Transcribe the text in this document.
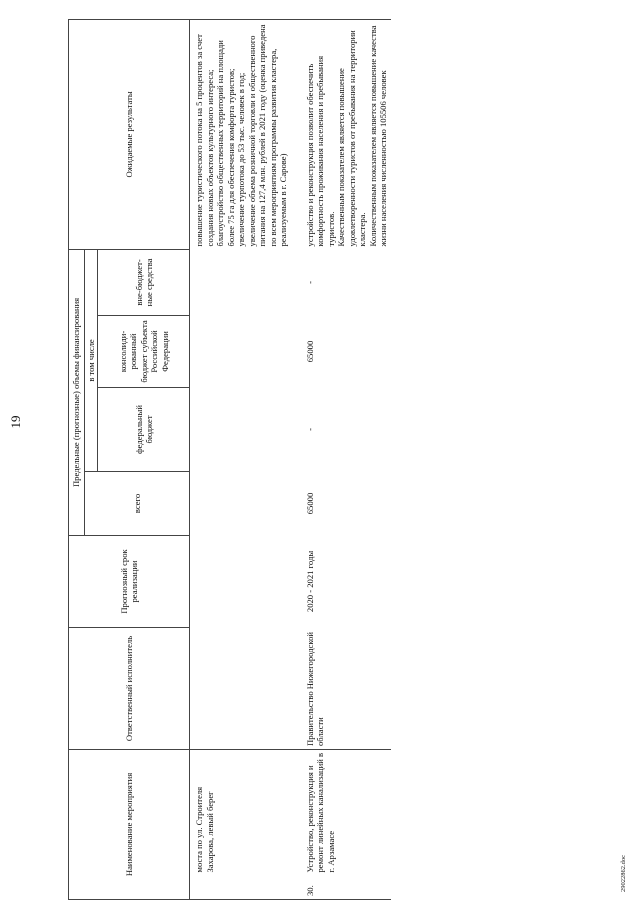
19
Наименование мероприятия		Ответственный исполнитель	Прогнозный срок реализации	Предельные (прогнозные) объемы финансирования				Ожидаемые результаты
				всего	в том числе			
					федеральный бюджет	консолиди-рованный бюджет субъекта Российской Федерации	вне-бюджет-ные средства	
	моста по ул. Строителя Захарова, левый берег							повышение туристического потока на 5 процентов за счет создания новых объектов культурного интереса;
благоустройство общественных территорий на площади более 75 га для обеспечения комфорта туристов;
увеличение турпотока до 53 тыс. человек в год;
увеличение объема розничной торговли и общественного питания на 127,4 млн. рублей в 2021 году (оценка приведена по всем мероприятиям программы развития кластера, реализуемым в г. Сарове)
30.	Устройство, реконструкция и ремонт линейных канализаций в г. Арзамасе	Правительство Нижегородской области	2020 - 2021 годы	65000	-	65000	-	устройство и реконструкция позволит обеспечить комфортность проживания населения и пребывания туристов.
Качественным показателем является повышение удовлетворенности туристов от пребывания на территории кластера.
Количественным показателем является повышение качества жизни населения численностью 105506 человек
29022862.doc
